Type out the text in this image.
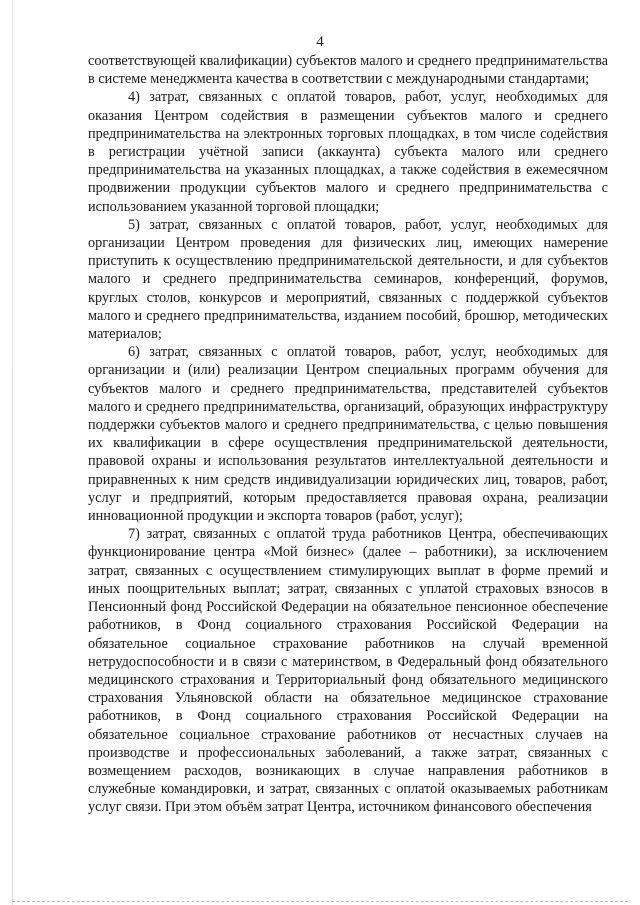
4

соответствующей квалификации) субъектов малого и среднего предпринимательства в системе менеджмента качества в соответствии с международными стандартами;

4) затрат, связанных с оплатой товаров, работ, услуг, необходимых для оказания Центром содействия в размещении субъектов малого и среднего предпринимательства на электронных торговых площадках, в том числе содействия в регистрации учётной записи (аккаунта) субъекта малого или среднего предпринимательства на указанных площадках, а также содействия в ежемесячном продвижении продукции субъектов малого и среднего предпринимательства с использованием указанной торговой площадки;

5) затрат, связанных с оплатой товаров, работ, услуг, необходимых для организации Центром проведения для физических лиц, имеющих намерение приступить к осуществлению предпринимательской деятельности, и для субъектов малого и среднего предпринимательства семинаров, конференций, форумов, круглых столов, конкурсов и мероприятий, связанных с поддержкой субъектов малого и среднего предпринимательства, изданием пособий, брошюр, методических материалов;

6) затрат, связанных с оплатой товаров, работ, услуг, необходимых для организации и (или) реализации Центром специальных программ обучения для субъектов малого и среднего предпринимательства, представителей субъектов малого и среднего предпринимательства, организаций, образующих инфраструктуру поддержки субъектов малого и среднего предпринимательства, с целью повышения их квалификации в сфере осуществления предпринимательской деятельности, правовой охраны и использования результатов интеллектуальной деятельности и приравненных к ним средств индивидуализации юридических лиц, товаров, работ, услуг и предприятий, которым предоставляется правовая охрана, реализации инновационной продукции и экспорта товаров (работ, услуг);

7) затрат, связанных с оплатой труда работников Центра, обеспечивающих функционирование центра «Мой бизнес» (далее – работники), за исключением затрат, связанных с осуществлением стимулирующих выплат в форме премий и иных поощрительных выплат; затрат, связанных с уплатой страховых взносов в Пенсионный фонд Российской Федерации на обязательное пенсионное обеспечение работников, в Фонд социального страхования Российской Федерации на обязательное социальное страхование работников на случай временной нетрудоспособности и в связи с материнством, в Федеральный фонд обязательного медицинского страхования и Территориальный фонд обязательного медицинского страхования Ульяновской области на обязательное медицинское страхование работников, в Фонд социального страхования Российской Федерации на обязательное социальное страхование работников от несчастных случаев на производстве и профессиональных заболеваний, а также затрат, связанных с возмещением расходов, возникающих в случае направления работников в служебные командировки, и затрат, связанных с оплатой оказываемых работникам услуг связи. При этом объём затрат Центра, источником финансового обеспечения
